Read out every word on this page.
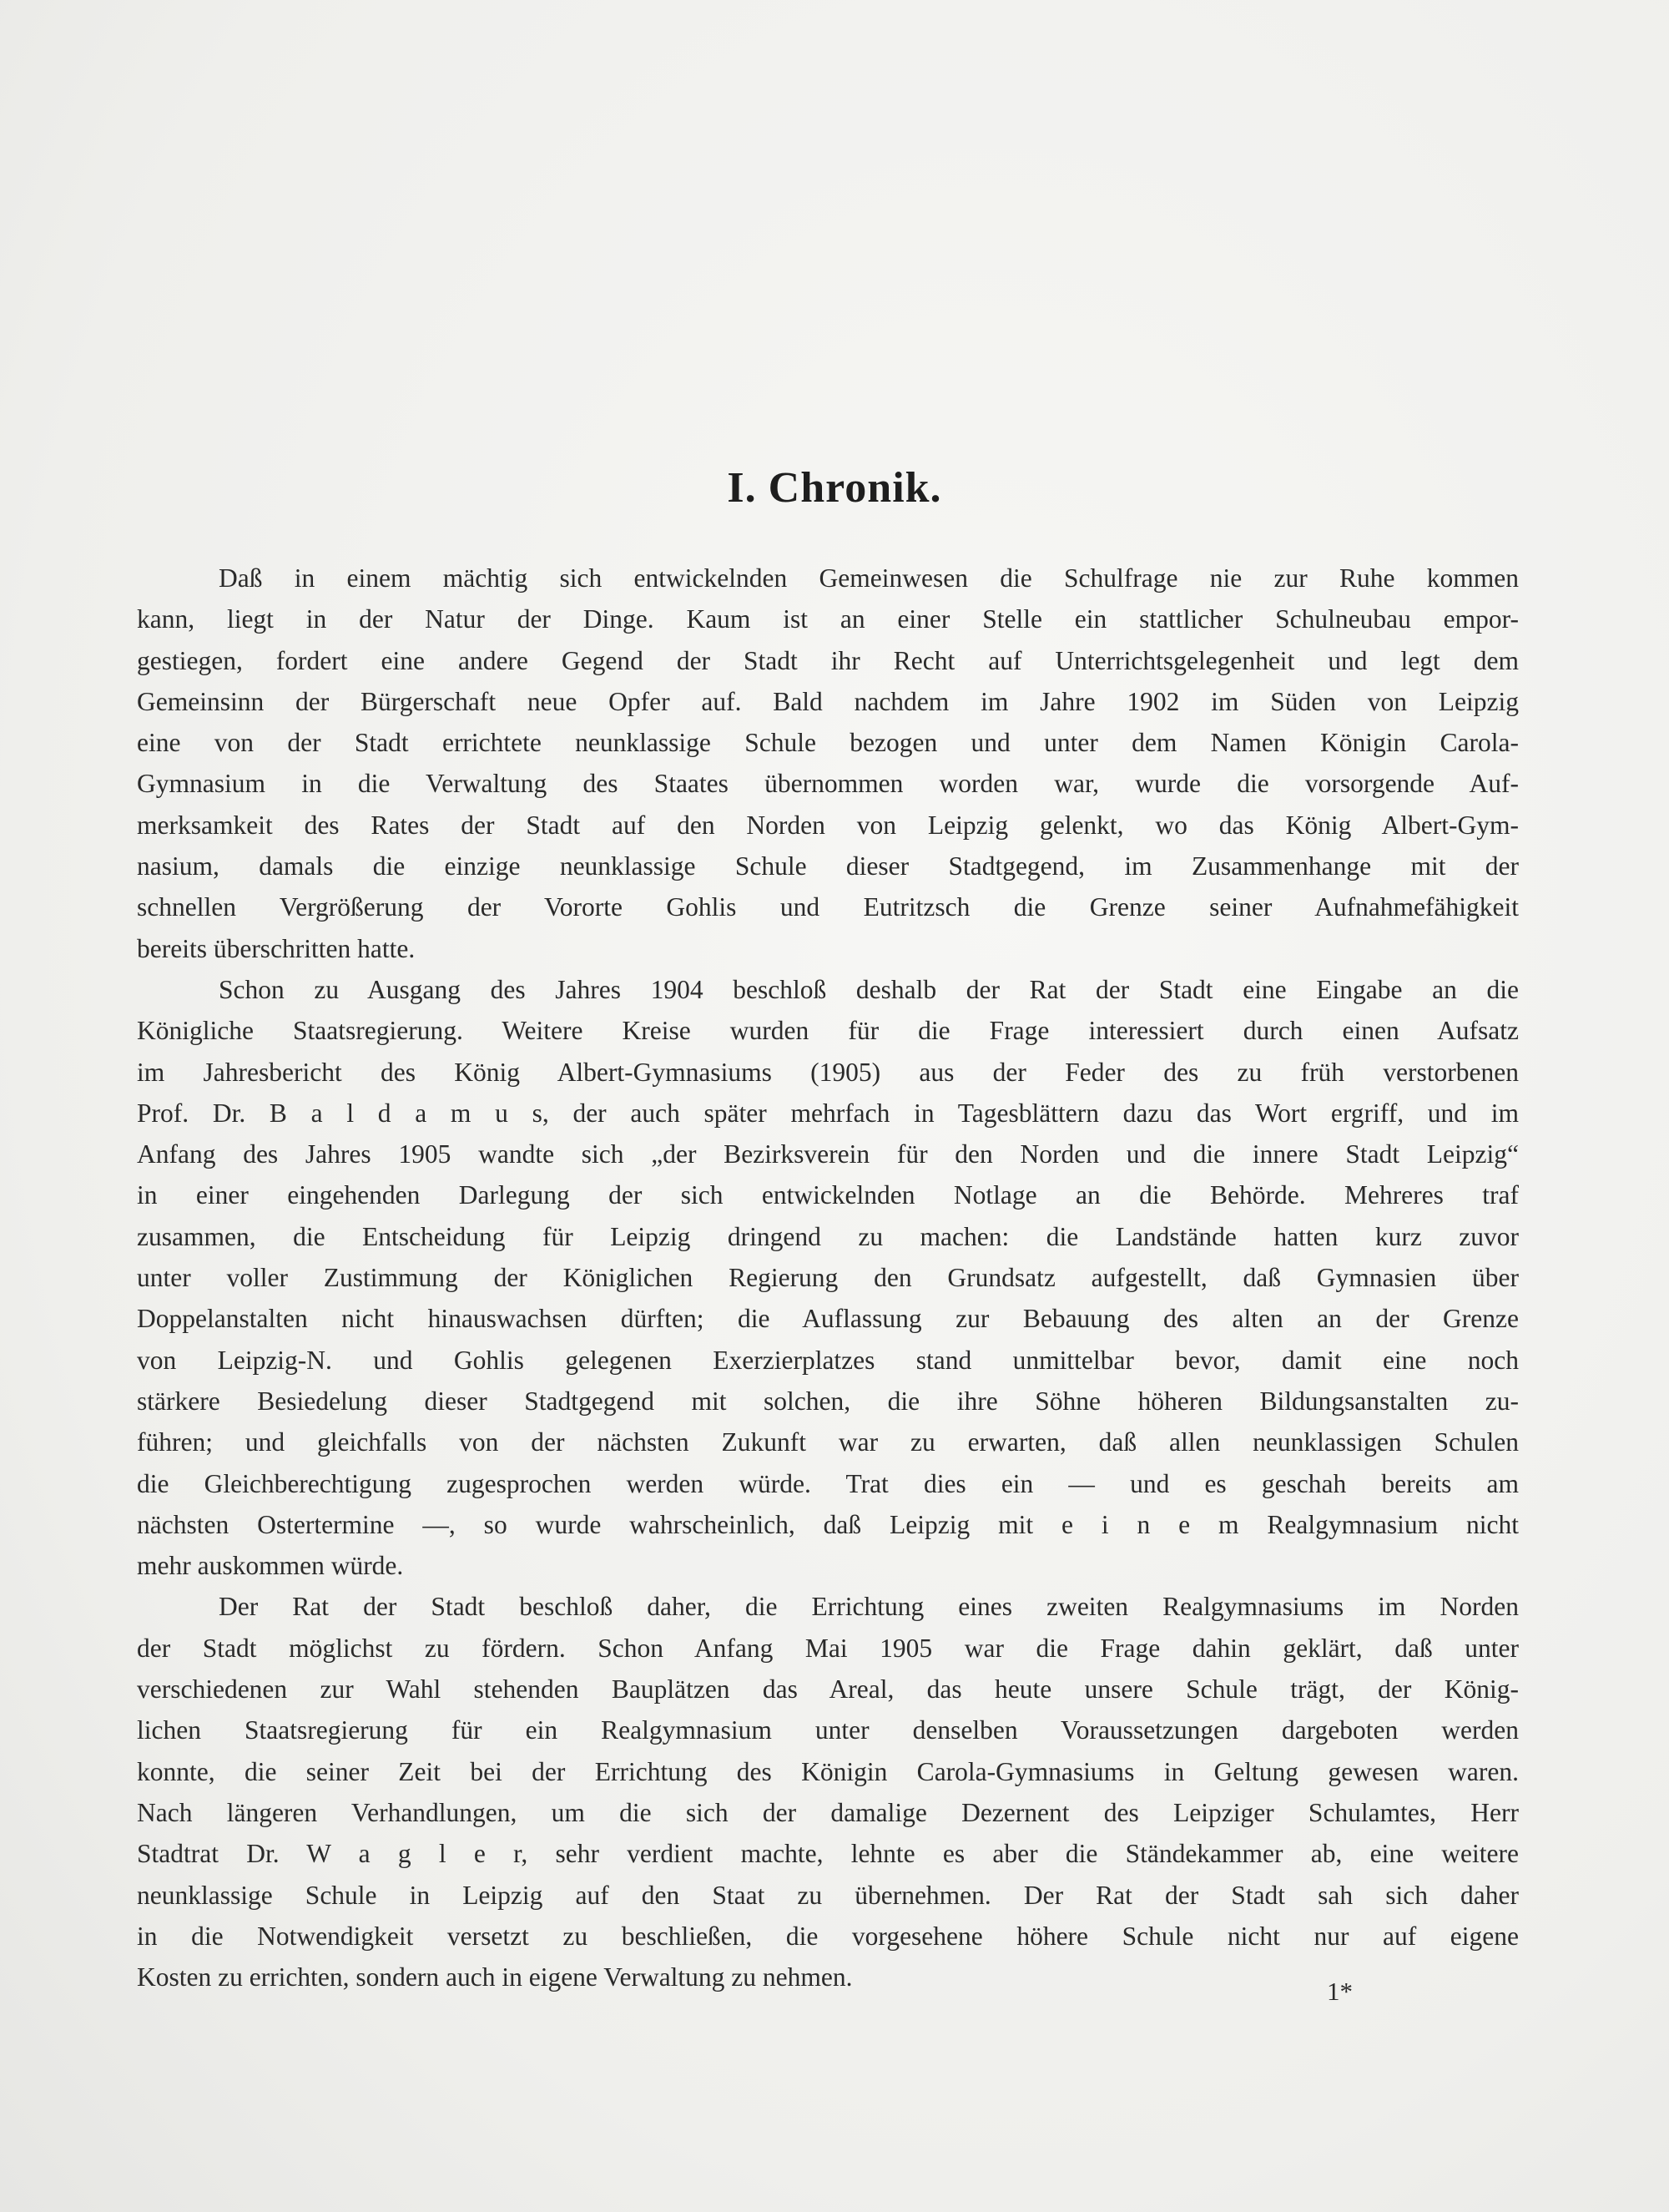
I. Chronik.
Daß in einem mächtig sich entwickelnden Gemeinwesen die Schulfrage nie zur Ruhe kommen
kann, liegt in der Natur der Dinge. Kaum ist an einer Stelle ein stattlicher Schulneubau empor-
gestiegen, fordert eine andere Gegend der Stadt ihr Recht auf Unterrichtsgelegenheit und legt dem
Gemeinsinn der Bürgerschaft neue Opfer auf. Bald nachdem im Jahre 1902 im Süden von Leipzig
eine von der Stadt errichtete neunklassige Schule bezogen und unter dem Namen Königin Carola-
Gymnasium in die Verwaltung des Staates übernommen worden war, wurde die vorsorgende Auf-
merksamkeit des Rates der Stadt auf den Norden von Leipzig gelenkt, wo das König Albert-Gym-
nasium, damals die einzige neunklassige Schule dieser Stadtgegend, im Zusammenhange mit der
schnellen Vergrößerung der Vororte Gohlis und Eutritzsch die Grenze seiner Aufnahmefähigkeit
bereits überschritten hatte.
Schon zu Ausgang des Jahres 1904 beschloß deshalb der Rat der Stadt eine Eingabe an die
Königliche Staatsregierung. Weitere Kreise wurden für die Frage interessiert durch einen Aufsatz
im Jahresbericht des König Albert-Gymnasiums (1905) aus der Feder des zu früh verstorbenen
Prof. Dr. B a l d a m u s, der auch später mehrfach in Tagesblättern dazu das Wort ergriff, und im
Anfang des Jahres 1905 wandte sich „der Bezirksverein für den Norden und die innere Stadt Leipzig“
in einer eingehenden Darlegung der sich entwickelnden Notlage an die Behörde. Mehreres traf
zusammen, die Entscheidung für Leipzig dringend zu machen: die Landstände hatten kurz zuvor
unter voller Zustimmung der Königlichen Regierung den Grundsatz aufgestellt, daß Gymnasien über
Doppelanstalten nicht hinauswachsen dürften; die Auflassung zur Bebauung des alten an der Grenze
von Leipzig-N. und Gohlis gelegenen Exerzierplatzes stand unmittelbar bevor, damit eine noch
stärkere Besiedelung dieser Stadtgegend mit solchen, die ihre Söhne höheren Bildungsanstalten zu-
führen; und gleichfalls von der nächsten Zukunft war zu erwarten, daß allen neunklassigen Schulen
die Gleichberechtigung zugesprochen werden würde. Trat dies ein — und es geschah bereits am
nächsten Ostertermine —, so wurde wahrscheinlich, daß Leipzig mit e i n e m Realgymnasium nicht
mehr auskommen würde.
Der Rat der Stadt beschloß daher, die Errichtung eines zweiten Realgymnasiums im Norden
der Stadt möglichst zu fördern. Schon Anfang Mai 1905 war die Frage dahin geklärt, daß unter
verschiedenen zur Wahl stehenden Bauplätzen das Areal, das heute unsere Schule trägt, der König-
lichen Staatsregierung für ein Realgymnasium unter denselben Voraussetzungen dargeboten werden
konnte, die seiner Zeit bei der Errichtung des Königin Carola-Gymnasiums in Geltung gewesen waren.
Nach längeren Verhandlungen, um die sich der damalige Dezernent des Leipziger Schulamtes, Herr
Stadtrat Dr. W a g l e r, sehr verdient machte, lehnte es aber die Ständekammer ab, eine weitere
neunklassige Schule in Leipzig auf den Staat zu übernehmen. Der Rat der Stadt sah sich daher
in die Notwendigkeit versetzt zu beschließen, die vorgesehene höhere Schule nicht nur auf eigene
Kosten zu errichten, sondern auch in eigene Verwaltung zu nehmen.	1*
